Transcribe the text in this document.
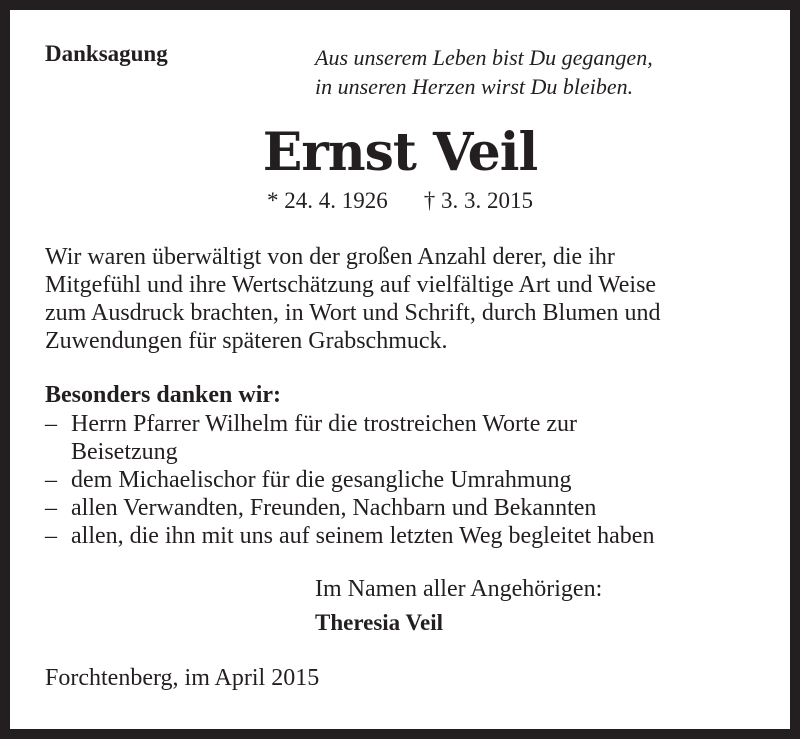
Danksagung	Aus unserem Leben bist Du gegangen,
in unseren Herzen wirst Du bleiben.
Ernst Veil
* 24. 4. 1926 † 3. 3. 2015
Wir waren überwältigt von der großen Anzahl derer, die ihr
Mitgefühl und ihre Wertschätzung auf vielfältige Art und Weise
zum Ausdruck brachten, in Wort und Schrift, durch Blumen und
Zuwendungen für späteren Grabschmuck.
Besonders danken wir:
– Herrn Pfarrer Wilhelm für die trostreichen Worte zur
Beisetzung
– dem Michaelischor für die gesangliche Umrahmung
– allen Verwandten, Freunden, Nachbarn und Bekannten
– allen, die ihn mit uns auf seinem letzten Weg begleitet haben
Im Namen aller Angehörigen:
Theresia Veil
Forchtenberg, im April 2015
